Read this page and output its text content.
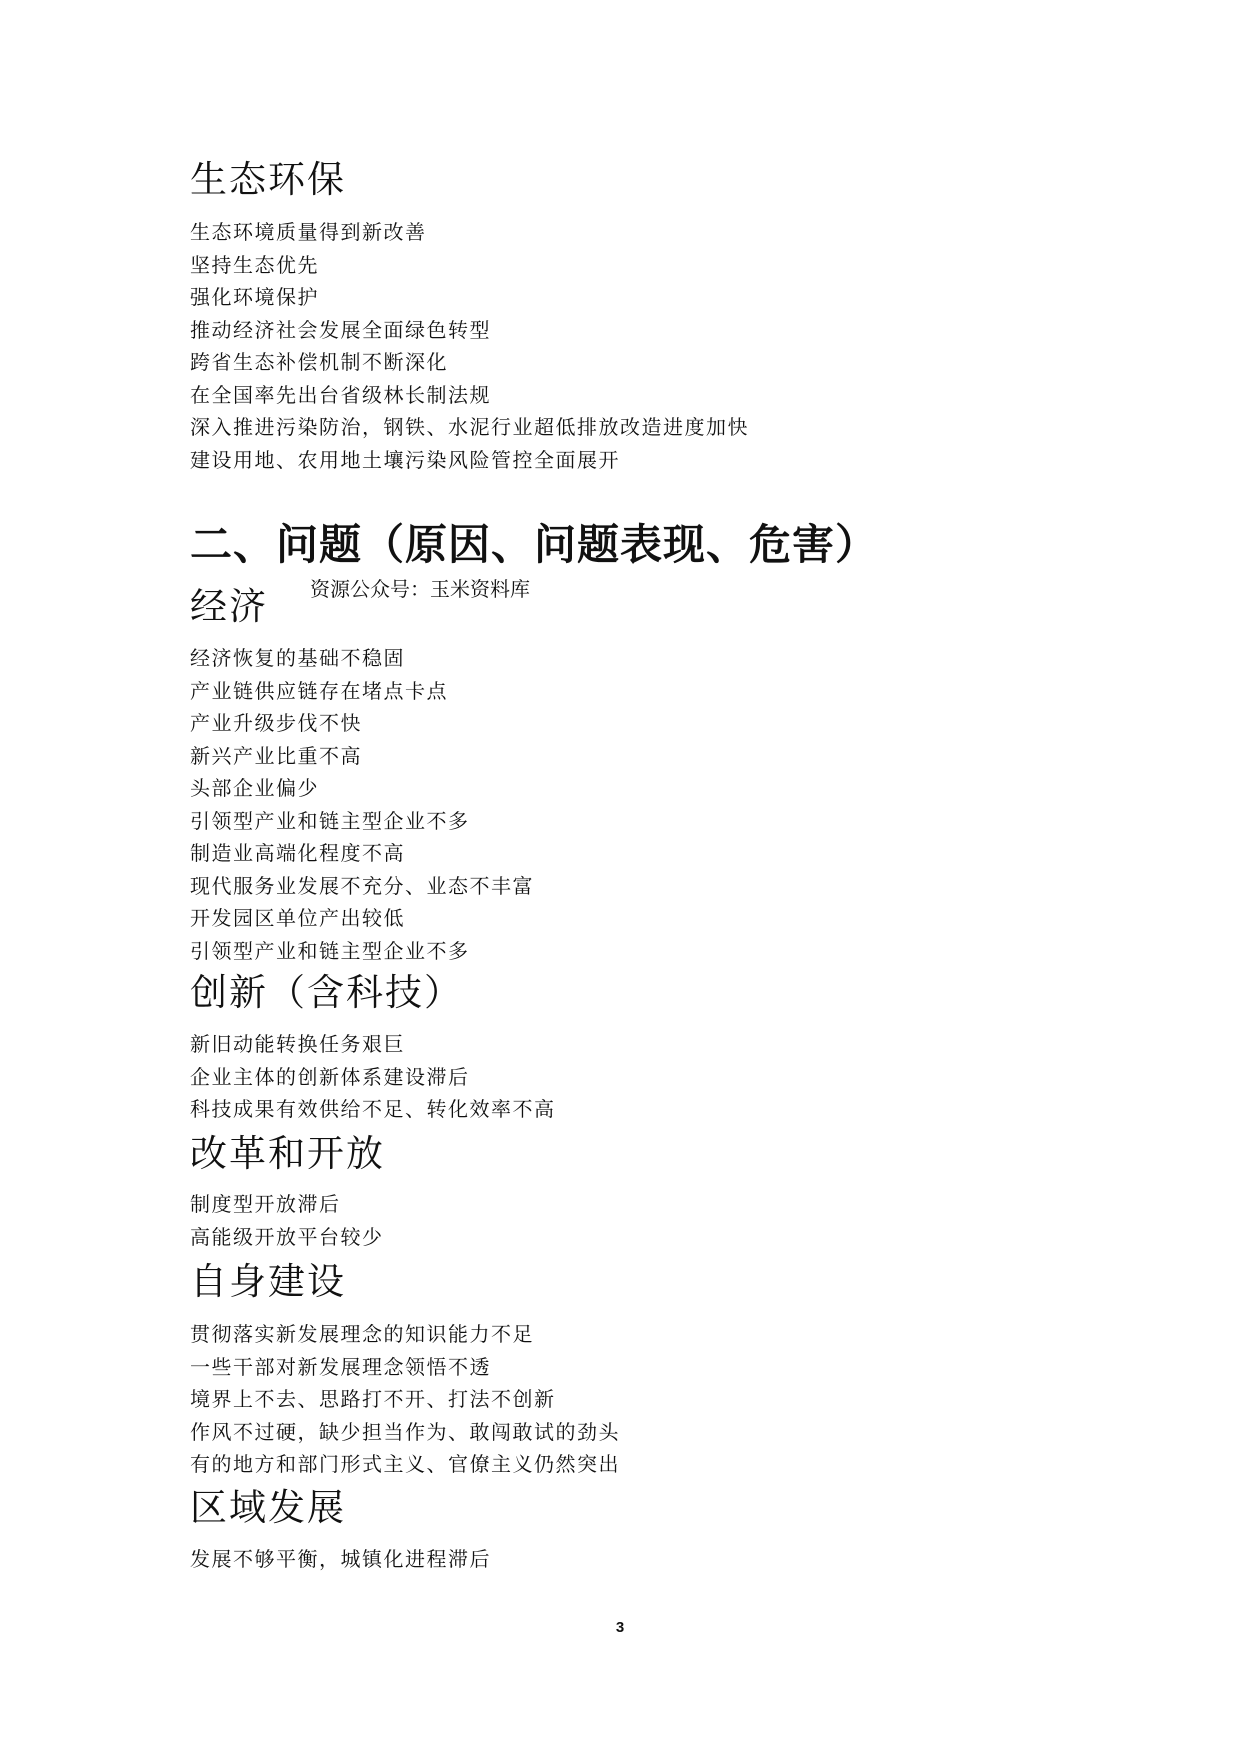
生态环保
生态环境质量得到新改善
坚持生态优先
强化环境保护
推动经济社会发展全面绿色转型
跨省生态补偿机制不断深化
在全国率先出台省级林长制法规
深入推进污染防治，钢铁、水泥行业超低排放改造进度加快
建设用地、农用地土壤污染风险管控全面展开
二、问题（原因、问题表现、危害）
资源公众号：玉米资料库
经济
经济恢复的基础不稳固
产业链供应链存在堵点卡点
产业升级步伐不快
新兴产业比重不高
头部企业偏少
引领型产业和链主型企业不多
制造业高端化程度不高
现代服务业发展不充分、业态不丰富
开发园区单位产出较低
引领型产业和链主型企业不多
创新（含科技）
新旧动能转换任务艰巨
企业主体的创新体系建设滞后
科技成果有效供给不足、转化效率不高
改革和开放
制度型开放滞后
高能级开放平台较少
自身建设
贯彻落实新发展理念的知识能力不足
一些干部对新发展理念领悟不透
境界上不去、思路打不开、打法不创新
作风不过硬，缺少担当作为、敢闯敢试的劲头
有的地方和部门形式主义、官僚主义仍然突出
区域发展
发展不够平衡，城镇化进程滞后
3
